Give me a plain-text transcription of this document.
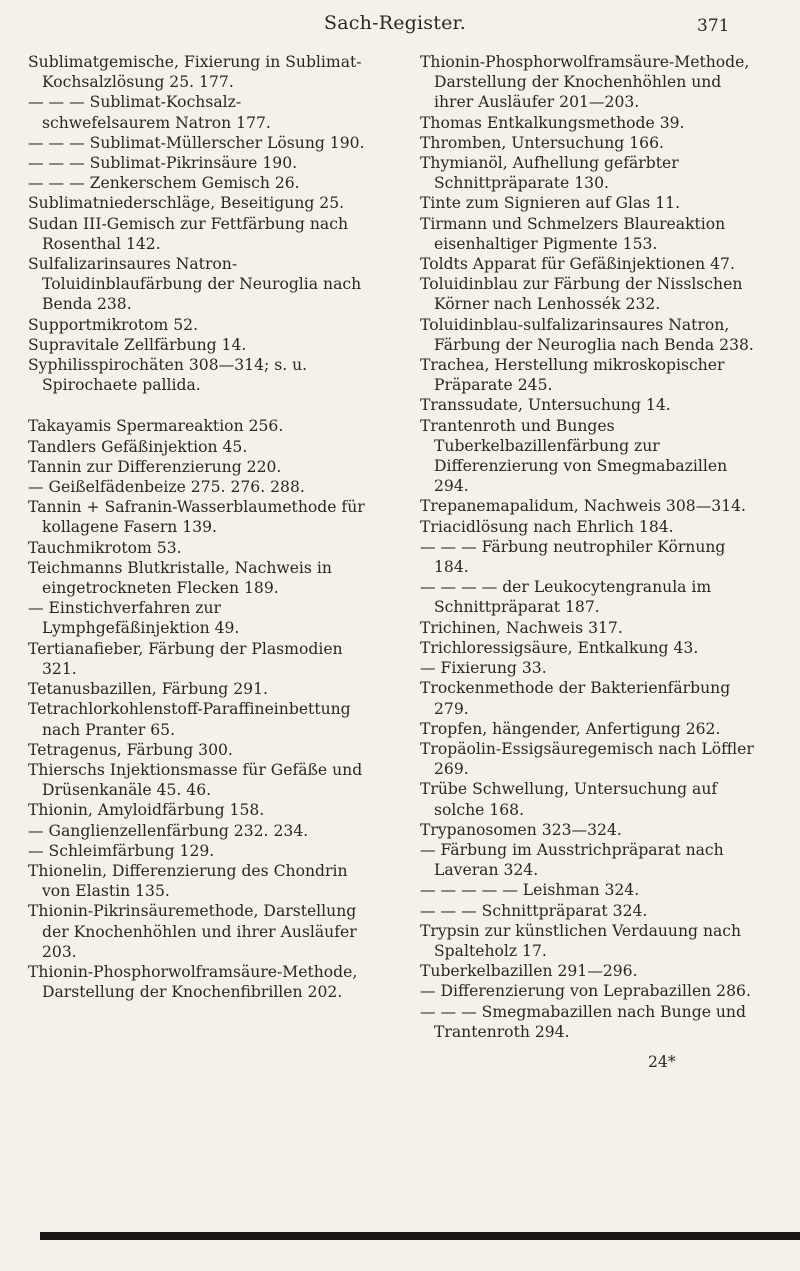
Sach-Register.	371

Sublimatgemische, Fixierung in Sublimat-Kochsalzlösung 25. 177.

— — — Sublimat-Kochsalz-schwefelsaurem Natron 177.

— — — Sublimat-Müllerscher Lösung 190.

— — — Sublimat-Pikrinsäure 190.

— — — Zenkerschem Gemisch 26.

Sublimatniederschläge, Beseitigung 25.

Sudan III-Gemisch zur Fettfärbung nach Rosenthal 142.

Sulfalizarinsaures Natron-Toluidinblaufärbung der Neuroglia nach Benda 238.

Supportmikrotom 52.

Supravitale Zellfärbung 14.

Syphilisspirochäten 308—314; s. u. Spirochaete pallida.

Takayamis Spermareaktion 256.

Tandlers Gefäßinjektion 45.

Tannin zur Differenzierung 220.

— Geißelfädenbeize 275. 276. 288.

Tannin + Safranin-Wasserblaumethode für kollagene Fasern 139.

Tauchmikrotom 53.

Teichmanns Blutkristalle, Nachweis in eingetrockneten Flecken 189.

— Einstichverfahren zur Lymphgefäßinjektion 49.

Tertianafieber, Färbung der Plasmodien 321.

Tetanusbazillen, Färbung 291.

Tetrachlorkohlenstoff-Paraffineinbettung nach Pranter 65.

Tetragenus, Färbung 300.

Thierschs Injektionsmasse für Gefäße und Drüsenkanäle 45. 46.

Thionin, Amyloidfärbung 158.

— Ganglienzellenfärbung 232. 234.

— Schleimfärbung 129.

Thionelin, Differenzierung des Chondrin von Elastin 135.

Thionin-Pikrinsäuremethode, Darstellung der Knochenhöhlen und ihrer Ausläufer 203.

Thionin-Phosphorwolframsäure-Methode, Darstellung der Knochenfibrillen 202.

Thionin-Phosphorwolframsäure-Methode, Darstellung der Knochenhöhlen und ihrer Ausläufer 201—203.

Thomas Entkalkungsmethode 39.

Thromben, Untersuchung 166.

Thymianöl, Aufhellung gefärbter Schnittpräparate 130.

Tinte zum Signieren auf Glas 11.

Tirmann und Schmelzers Blaureaktion eisenhaltiger Pigmente 153.

Toldts Apparat für Gefäßinjektionen 47.

Toluidinblau zur Färbung der Nisslschen Körner nach Lenhossék 232.

Toluidinblau-sulfalizarinsaures Natron, Färbung der Neuroglia nach Benda 238.

Trachea, Herstellung mikroskopischer Präparate 245.

Transsudate, Untersuchung 14.

Trantenroth und Bunges Tuberkelbazillenfärbung zur Differenzierung von Smegmabazillen 294.

Trepanemapalidum, Nachweis 308—314.

Triacidlösung nach Ehrlich 184.

— — — Färbung neutrophiler Körnung 184.

— — — — der Leukocytengranula im Schnittpräparat 187.

Trichinen, Nachweis 317.

Trichloressigsäure, Entkalkung 43.

— Fixierung 33.

Trockenmethode der Bakterienfärbung 279.

Tropfen, hängender, Anfertigung 262.

Tropäolin-Essigsäuregemisch nach Löffler 269.

Trübe Schwellung, Untersuchung auf solche 168.

Trypanosomen 323—324.

— Färbung im Ausstrichpräparat nach Laveran 324.

— — — — — Leishman 324.

— — — Schnittpräparat 324.

Trypsin zur künstlichen Verdauung nach Spalteholz 17.

Tuberkelbazillen 291—296.

— Differenzierung von Leprabazillen 286.

— — — Smegmabazillen nach Bunge und Trantenroth 294.

24*
